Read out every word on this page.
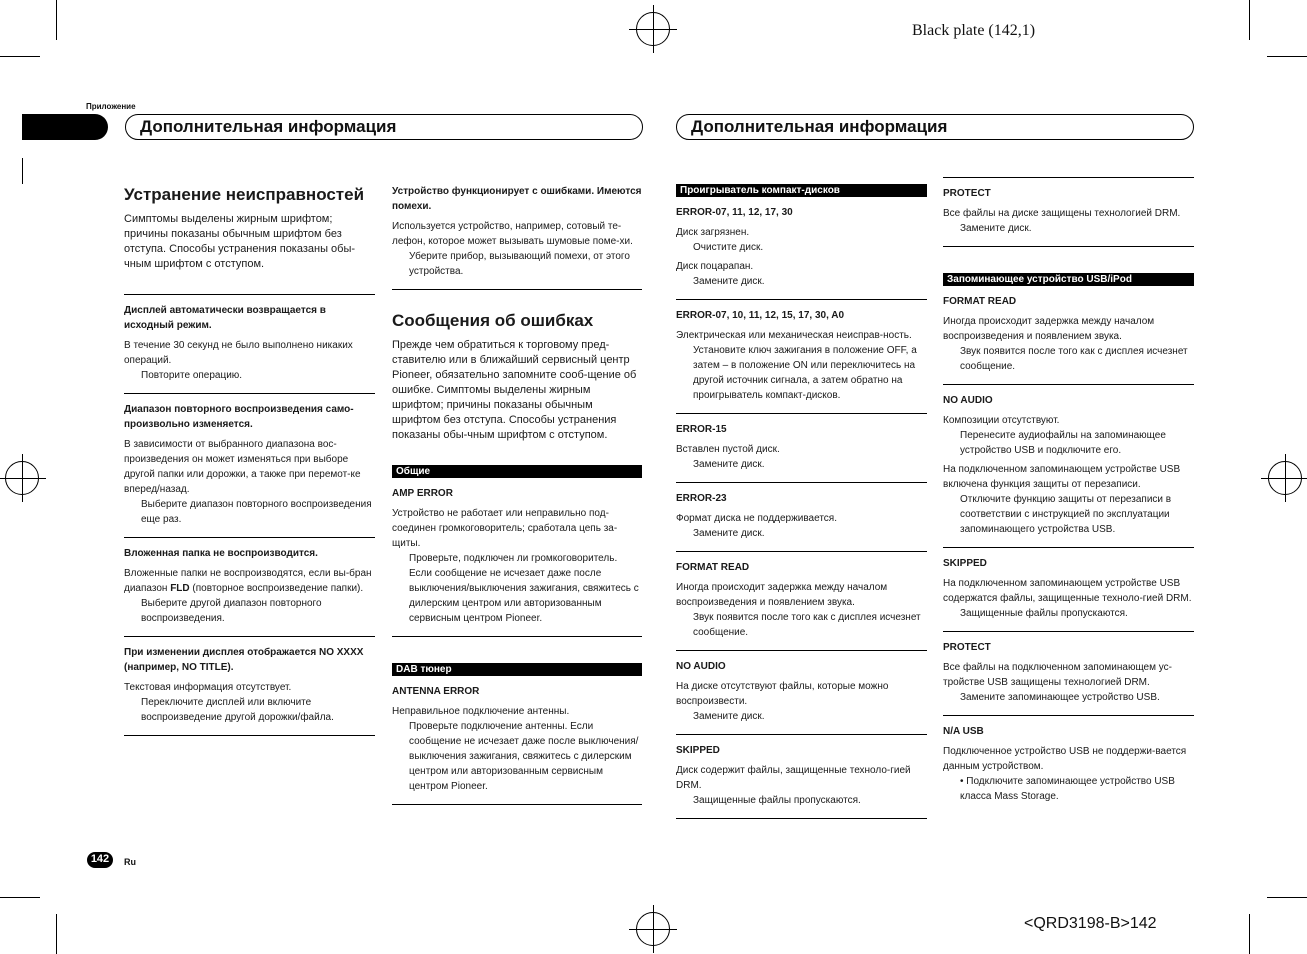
Black plate (142,1)
Приложение
Дополнительная информация	Дополнительная информация
Устранение неисправностей

Симптомы выделены жирным шрифтом; причины показаны обычным шрифтом без отступа. Способы устранения показаны обы-чным шрифтом с отступом.

Дисплей автоматически возвращается в исходный режим.

В течение 30 секунд не было выполнено никаких операций.

Повторите операцию.

Диапазон повторного воспроизведения само-произвольно изменяется.

В зависимости от выбранного диапазона вос-произведения он может изменяться при выборе другой папки или дорожки, а также при перемот-ке вперед/назад.

Выберите диапазон повторного воспроизведения еще раз.

Вложенная папка не воспроизводится.

Вложенные папки не воспроизводятся, если вы-бран диапазон FLD (повторное воспроизведение папки).

Выберите другой диапазон повторного воспроизведения.

При изменении дисплея отображается NO XXXX (например, NO TITLE).

Текстовая информация отсутствует.

Переключите дисплей или включите воспроизведение другой дорожки/файла.

Устройство функционирует с ошибками. Имеются помехи.

Используется устройство, например, сотовый те-лефон, которое может вызывать шумовые поме-хи.

Уберите прибор, вызывающий помехи, от этого устройства.

Сообщения об ошибках

Прежде чем обратиться к торговому пред-ставителю или в ближайший сервисный центр Pioneer, обязательно запомните сооб-щение об ошибке. Симптомы выделены жирным шрифтом; причины показаны обычным шрифтом без отступа. Способы устранения показаны обы-чным шрифтом с отступом.

Общие

AMP ERROR

Устройство не работает или неправильно под-соединен громкоговоритель; сработала цепь за-щиты.

Проверьте, подключен ли громкоговоритель. Если сообщение не исчезает даже после выключения/выключения зажигания, свяжитесь с дилерским центром или авторизованным сервисным центром Pioneer.

DAB тюнер

ANTENNA ERROR

Неправильное подключение антенны.

Проверьте подключение антенны. Если сообщение не исчезает даже после выключения/выключения зажигания, свяжитесь с дилерским центром или авторизованным сервисным центром Pioneer.

Проигрыватель компакт-дисков

ERROR-07, 11, 12, 17, 30

Диск загрязнен.

Очистите диск.

Диск поцарапан.

Замените диск.

ERROR-07, 10, 11, 12, 15, 17, 30, A0

Электрическая или механическая неисправ-ность.

Установите ключ зажигания в положение OFF, а затем – в положение ON или переключитесь на другой источник сигнала, а затем обратно на проигрыватель компакт-дисков.

ERROR-15

Вставлен пустой диск.

Замените диск.

ERROR-23

Формат диска не поддерживается.

Замените диск.

FORMAT READ

Иногда происходит задержка между началом воспроизведения и появлением звука.

Звук появится после того как с дисплея исчезнет сообщение.

NO AUDIO

На диске отсутствуют файлы, которые можно воспроизвести.

Замените диск.

SKIPPED

Диск содержит файлы, защищенные техноло-гией DRM.

Защищенные файлы пропускаются.

PROTECT

Все файлы на диске защищены технологией DRM.

Замените диск.

Запоминающее устройство USB/iPod

FORMAT READ

Иногда происходит задержка между началом воспроизведения и появлением звука.

Звук появится после того как с дисплея исчезнет сообщение.

NO AUDIO

Композиции отсутствуют.

Перенесите аудиофайлы на запоминающее устройство USB и подключите его.

На подключенном запоминающем устройстве USB включена функция защиты от перезаписи.

Отключите функцию защиты от перезаписи в соответствии с инструкцией по эксплуатации запоминающего устройства USB.

SKIPPED

На подключенном запоминающем устройстве USB содержатся файлы, защищенные техноло-гией DRM.

Защищенные файлы пропускаются.

PROTECT

Все файлы на подключенном запоминающем ус-тройстве USB защищены технологией DRM.

Замените запоминающее устройство USB.

N/A USB

Подключенное устройство USB не поддержи-вается данным устройством.

• Подключите запоминающее устройство USB класса Mass Storage.

142	Ru
<QRD3198-B>142
